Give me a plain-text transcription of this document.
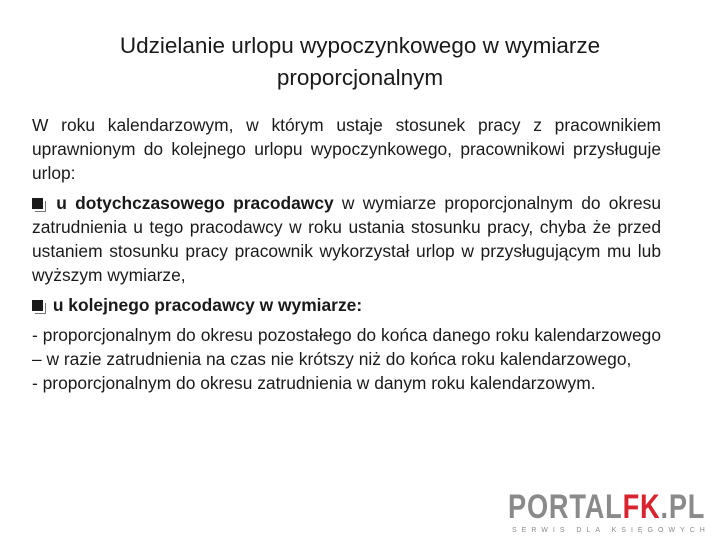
Udzielanie urlopu wypoczynkowego w wymiarze proporcjonalnym
W roku kalendarzowym, w którym ustaje stosunek pracy z pracownikiem uprawnionym do kolejnego urlopu wypoczynkowego, pracownikowi przysługuje urlop:
u dotychczasowego pracodawcy w wymiarze proporcjonalnym do okresu zatrudnienia u tego pracodawcy w roku ustania stosunku pracy, chyba że przed ustaniem stosunku pracy pracownik wykorzystał urlop w przysługującym mu lub wyższym wymiarze,
u kolejnego pracodawcy w wymiarze:
- proporcjonalnym do okresu pozostałego do końca danego roku kalendarzowego – w razie zatrudnienia na czas nie krótszy niż do końca roku kalendarzowego,
- proporcjonalnym do okresu zatrudnienia w danym roku kalendarzowym.
PORTALFK.PL
SERWIS DLA KSIĘGOWYCH
